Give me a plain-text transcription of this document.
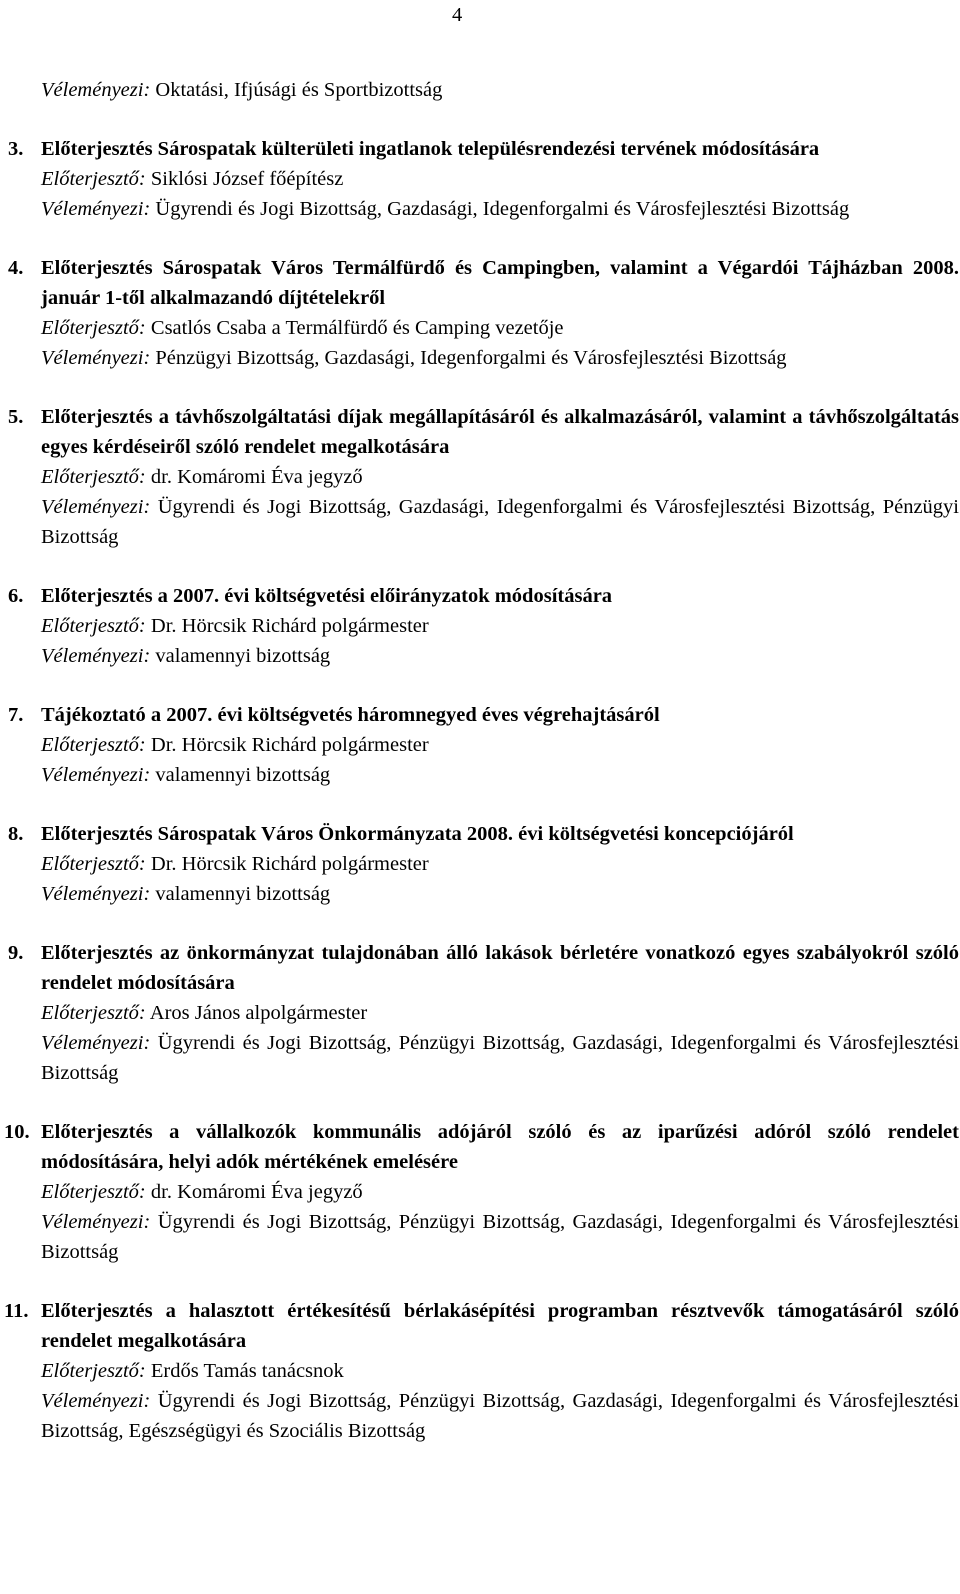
4
Véleményezi: Oktatási, Ifjúsági és Sportbizottság
3. Előterjesztés Sárospatak külterületi ingatlanok településrendezési tervének módosítására
Előterjesztő: Siklósi József főépítész
Véleményezi: Ügyrendi és Jogi Bizottság, Gazdasági, Idegenforgalmi és Városfejlesztési Bizottság
4. Előterjesztés Sárospatak Város Termálfürdő és Campingben, valamint a Végardói Tájházban 2008. január 1-től alkalmazandó díjtételekről
Előterjesztő: Csatlós Csaba a Termálfürdő és Camping vezetője
Véleményezi: Pénzügyi Bizottság, Gazdasági, Idegenforgalmi és Városfejlesztési Bizottság
5. Előterjesztés a távhőszolgáltatási díjak megállapításáról és alkalmazásáról, valamint a távhőszolgáltatás egyes kérdéseiről szóló rendelet megalkotására
Előterjesztő: dr. Komáromi Éva jegyző
Véleményezi: Ügyrendi és Jogi Bizottság, Gazdasági, Idegenforgalmi és Városfejlesztési Bizottság, Pénzügyi Bizottság
6. Előterjesztés a 2007. évi költségvetési előirányzatok módosítására
Előterjesztő: Dr. Hörcsik Richárd polgármester
Véleményezi: valamennyi bizottság
7. Tájékoztató a 2007. évi költségvetés háromnegyed éves végrehajtásáról
Előterjesztő: Dr. Hörcsik Richárd polgármester
Véleményezi: valamennyi bizottság
8. Előterjesztés Sárospatak Város Önkormányzata 2008. évi költségvetési koncepciójáról
Előterjesztő: Dr. Hörcsik Richárd polgármester
Véleményezi: valamennyi bizottság
9. Előterjesztés az önkormányzat tulajdonában álló lakások bérletére vonatkozó egyes szabályokról szóló rendelet módosítására
Előterjesztő: Aros János alpolgármester
Véleményezi: Ügyrendi és Jogi Bizottság, Pénzügyi Bizottság, Gazdasági, Idegenforgalmi és Városfejlesztési Bizottság
10. Előterjesztés a vállalkozók kommunális adójáról szóló és az iparűzési adóról szóló rendelet módosítására, helyi adók mértékének emelésére
Előterjesztő: dr. Komáromi Éva jegyző
Véleményezi: Ügyrendi és Jogi Bizottság, Pénzügyi Bizottság, Gazdasági, Idegenforgalmi és Városfejlesztési Bizottság
11. Előterjesztés a halasztott értékesítésű bérlakásépítési programban résztvevők támogatásáról szóló rendelet megalkotására
Előterjesztő: Erdős Tamás tanácsnok
Véleményezi: Ügyrendi és Jogi Bizottság, Pénzügyi Bizottság, Gazdasági, Idegenforgalmi és Városfejlesztési Bizottság, Egészségügyi és Szociális Bizottság
